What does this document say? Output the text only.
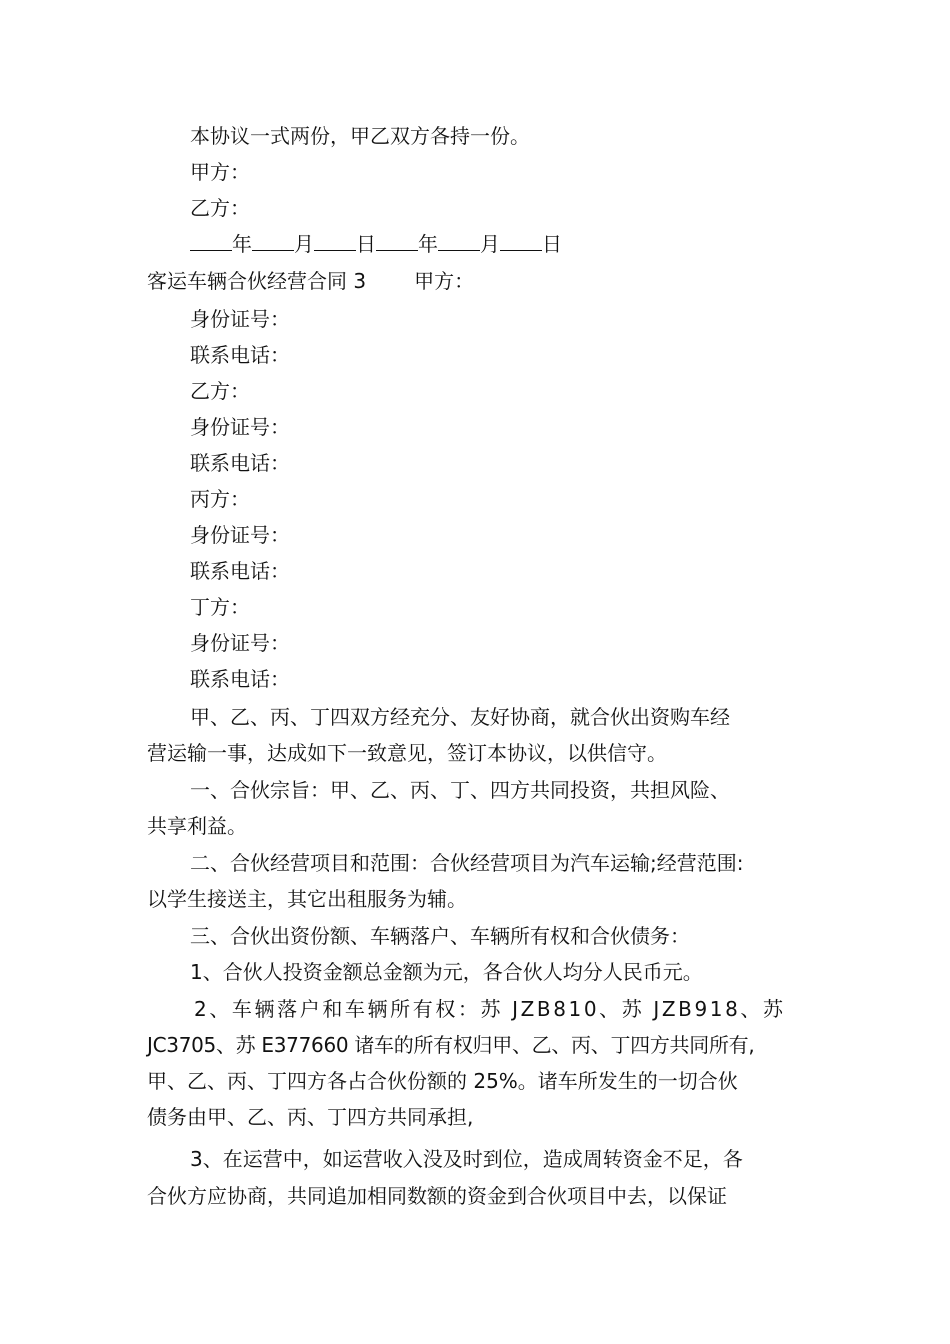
本协议一式两份，甲乙双方各持一份。
甲方：
乙方：
年 月 日 年 月 日
客运车辆合伙经营合同 3 甲方：
身份证号：
联系电话：
乙方：
身份证号：
联系电话：
丙方：
身份证号：
联系电话：
丁方：
身份证号：
联系电话：
甲、乙、丙、丁四双方经充分、友好协商，就合伙出资购车经
营运输一事，达成如下一致意见，签订本协议，以供信守。
一、合伙宗旨：甲、乙、丙、丁、四方共同投资，共担风险、
共享利益。
二、合伙经营项目和范围：合伙经营项目为汽车运输;经营范围:
以学生接送主，其它出租服务为辅。
三、合伙出资份额、车辆落户、车辆所有权和合伙债务：
1、合伙人投资金额总金额为元，各合伙人均分人民币元。
2、车辆落户和车辆所有权：苏 JZB810、苏 JZB918、苏
JC3705、苏 E377660 诸车的所有权归甲、乙、丙、丁四方共同所有,
甲、乙、丙、丁四方各占合伙份额的 25%。诸车所发生的一切合伙
债务由甲、乙、丙、丁四方共同承担,
3、在运营中，如运营收入没及时到位，造成周转资金不足，各
合伙方应协商，共同追加相同数额的资金到合伙项目中去，以保证
